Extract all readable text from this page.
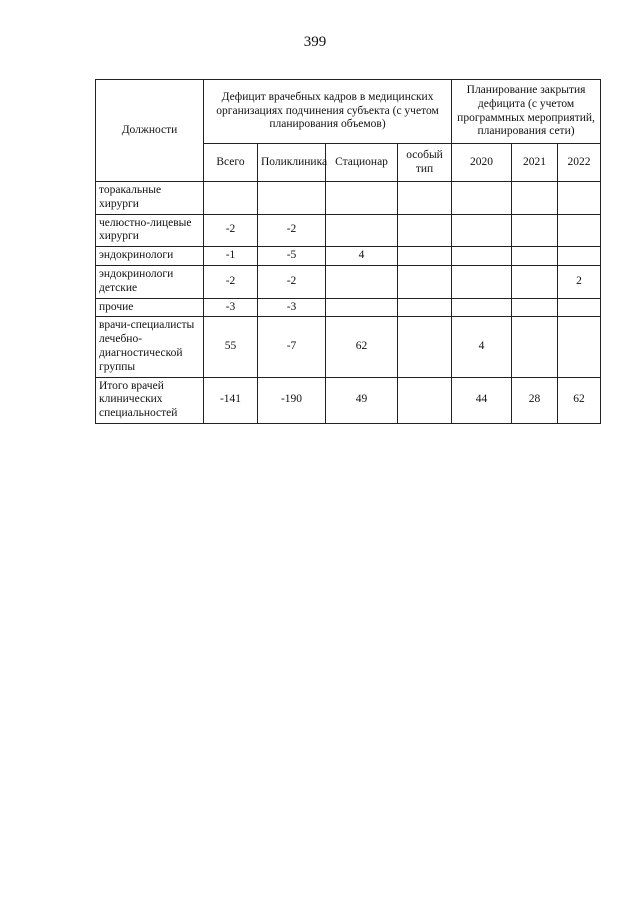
399
Должности	Дефицит врачебных кадров в медицинских организациях подчинения субъекта (с учетом планирования объемов)				Планирование закрытия дефицита (с учетом программных мероприятий, планирования сети)		
	Всего	Поликлиника	Стационар	особый тип	2020	2021	2022
торакальные хирурги							
челюстно-лицевые хирурги	-2	-2					
эндокринологи	-1	-5	4				
эндокринологи детские	-2	-2					2
прочие	-3	-3					
врачи-специалисты лечебно-диагностической группы	55	-7	62		4		
Итого врачей клинических специальностей	-141	-190	49		44	28	62
